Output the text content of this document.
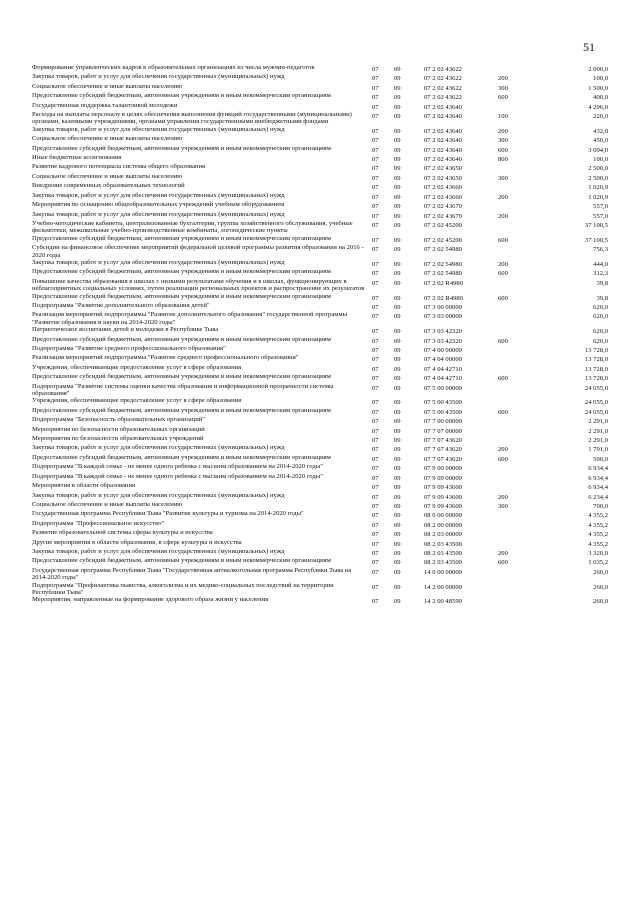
51
Формирование управленческих кадров в образовательных организациях из числа мужчин-педагогов	07	09	07 2 02 43622		2 000,0
Закупка товаров, работ и услуг для обеспечения государственных (муниципальных) нужд	07	09	07 2 02 43622	200	100,0
Социальное обеспечение и иные выплаты населению	07	09	07 2 02 43622	300	1 500,0
Предоставление субсидий бюджетным, автономным учреждениям и иным некоммерческим организациям	07	09	07 2 02 43622	600	400,0
Государственная поддержка талантливой молодежи	07	09	07 2 02 43640		4 296,0
Расходы на выплаты персоналу в целях обеспечения выполнения функций государственными (муниципальными) органами, казенными учреждениями, органами управления государственными внебюджетными фондами	07	09	07 2 02 43640	100	220,0
Закупка товаров, работ и услуг для обеспечения государственных (муниципальных) нужд	07	09	07 2 02 43640	200	432,0
Социальное обеспечение и иные выплаты населению	07	09	07 2 02 43640	300	450,0
Предоставление субсидий бюджетным, автономным учреждениям и иным некоммерческим организациям	07	09	07 2 02 43640	600	3 094,0
Иные бюджетные ассигнования	07	09	07 2 02 43640	800	100,0
Развитие кадрового потенциала системы общего образования	07	09	07 2 02 43650		2 500,0
Социальное обеспечение и иные выплаты населению	07	09	07 2 02 43650	300	2 500,0
Внедрение современных образовательных технологий	07	09	07 2 02 43660		1 020,9
Закупка товаров, работ и услуг для обеспечения государственных (муниципальных) нужд	07	09	07 2 02 43660	200	1 020,9
Мероприятия по оснащению общеобразовательных учреждений учебным оборудованием	07	09	07 2 02 43670		557,0
Закупка товаров, работ и услуг для обеспечения государственных (муниципальных) нужд	07	09	07 2 02 43670	200	557,0
Учебно-методические кабинеты, централизованные бухгалтерии, группы хозяйственного обслуживания, учебные фильмотеки, межшкольные учебно-производственные комбинаты, логопедические пункты	07	09	07 2 02 45200		37 100,5
Предоставление субсидий бюджетным, автономным учреждениям и иным некоммерческим организациям	07	09	07 2 02 45200	600	37 100,5
Субсидии на финансовое обеспечение мероприятий федеральной целевой программы развития образования на 2016 - 2020 годы	07	09	07 2 02 54980		756,3
Закупка товаров, работ и услуг для обеспечения государственных (муниципальных) нужд	07	09	07 2 02 54980	200	444,0
Предоставление субсидий бюджетным, автономным учреждениям и иным некоммерческим организациям	07	09	07 2 02 54980	600	312,3
Повышение качества образования в школах с низкими результатами обучения и в школах, функционирующих в неблагоприятных социальных условиях, путем реализации региональных проектов и распространение их результатов	07	09	07 2 02 R4980		39,8
Предоставление субсидий бюджетным, автономным учреждениям и иным некоммерческим организациям	07	09	07 2 02 R4980	600	39,8
Подпрограмма "Развитие дополнительного образования детей"	07	09	07 3 00 00000		620,0
Реализация мероприятий подпрограммы "Развитие дополнительного образования" государственной программы "Развитие образования и науки на 2014-2020 годы"	07	09	07 3 03 00000		620,0
Патриотическое воспитание детей и молодежи в Республике Тыва	07	09	07 3 03 42320		620,0
Предоставление субсидий бюджетным, автономным учреждениям и иным некоммерческим организациям	07	09	07 3 03 42320	600	620,0
Подпрограмма "Развитие среднего профессионального образования"	07	09	07 4 00 00000		13 728,0
Реализация мероприятий подпрограммы "Развитие среднего профессионального образования"	07	09	07 4 04 00000		13 728,0
Учреждения, обеспечивающие предоставление услуг в сфере образования	07	09	07 4 04 42710		13 728,0
Предоставление субсидий бюджетным, автономным учреждениям и иным некоммерческим организациям	07	09	07 4 04 42710	600	13 728,0
Подпрограмма "Развитие системы оценки качества образования и информационной прозрачности системы образования"	07	09	07 5 00 00000		24 055,0
Учреждения, обеспечивающие предоставление услуг в сфере образования	07	09	07 5 00 43500		24 055,0
Предоставление субсидий бюджетным, автономным учреждениям и иным некоммерческим организациям	07	09	07 5 00 43500	600	24 055,0
Подпрограмма "Безопасность образовательных организаций"	07	09	07 7 00 00000		2 291,0
Мероприятия по безопасности образовательных организаций	07	09	07 7 07 00000		2 291,0
Мероприятия по безопасности образовательных учреждений	07	09	07 7 07 43620		2 291,0
Закупка товаров, работ и услуг для обеспечения государственных (муниципальных) нужд	07	09	07 7 07 43620	200	1 791,0
Предоставление субсидий бюджетным, автономным учреждениям и иным некоммерческим организациям	07	09	07 7 07 43620	600	500,0
Подпрограмма "В каждой семье - не менее одного ребенка с высшим образованием на 2014-2020 годы"	07	09	07 9 00 00000		6 934,4
Подпрограмма "В каждой семье - не менее одного ребенка с высшим образованием на 2014-2020 годы"	07	09	07 9 09 00000		6 934,4
Мероприятия в области образования	07	09	07 9 09 43600		6 934,4
Закупка товаров, работ и услуг для обеспечения государственных (муниципальных) нужд	07	09	07 9 09 43600	200	6 234,4
Социальное обеспечение и иные выплаты населению	07	09	07 9 09 43600	300	700,0
Государственная программа Республики Тыва "Развитие культуры и туризма на 2014-2020 годы"	07	09	08 0 00 00000		4 355,2
Подпрограмма "Профессиональное искусство"	07	09	08 2 00 00000		4 355,2
Развитие образовательной системы сферы культуры и искусства	07	09	08 2 03 00000		4 355,2
Другие мероприятия в области образования, в сфере культуры и искусства	07	09	08 2 03 43500		4 355,2
Закупка товаров, работ и услуг для обеспечения государственных (муниципальных) нужд	07	09	08 2 03 43500	200	3 320,0
Предоставление субсидий бюджетным, автономным учреждениям и иным некоммерческим организациям	07	09	08 2 03 43500	600	1 035,2
Государственная программа Республики Тыва "Государственная антиалкогольная программа Республики Тыва на 2014-2020 годы"	07	09	14 0 00 00000		260,0
Подпрограмма "Профилактика пьянства, алкоголизма и их медико-социальных последствий на территории Республики Тыва"	07	09	14 2 00 00000		260,0
Мероприятия, направленные на формирование здорового образа жизни у населения	07	09	14 2 00 48590		260,0
